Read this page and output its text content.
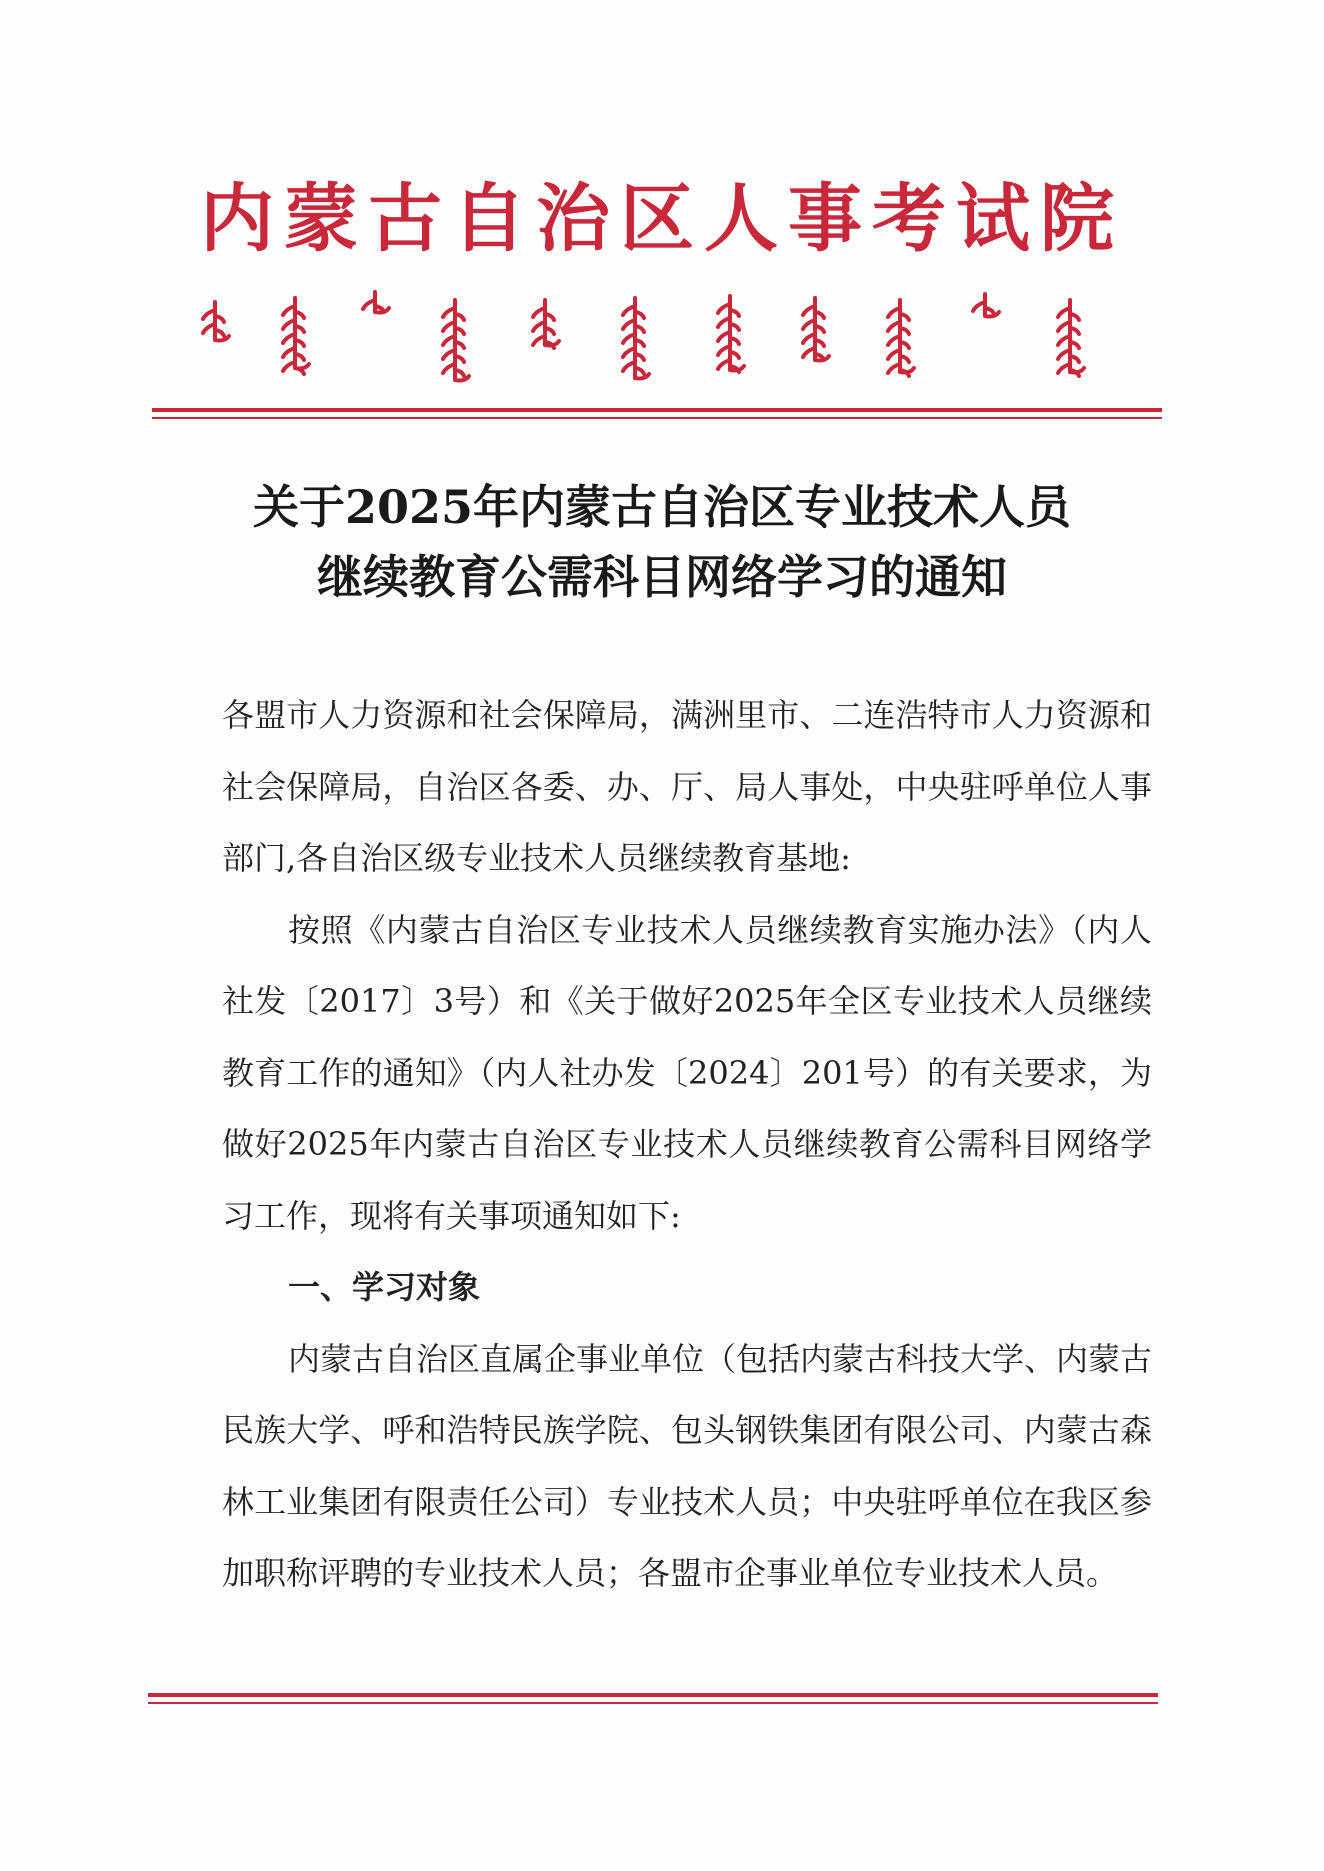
内蒙古自治区人事考试院
关于2025年内蒙古自治区专业技术人员
继续教育公需科目网络学习的通知

各盟市人力资源和社会保障局，满洲里市、二连浩特市人力资源和社会保障局，自治区各委、办、厅、局人事处，中央驻呼单位人事部门,各自治区级专业技术人员继续教育基地:

按照《内蒙古自治区专业技术人员继续教育实施办法》（内人社发〔2017〕3号）和《关于做好2025年全区专业技术人员继续教育工作的通知》（内人社办发〔2024〕201号）的有关要求，为做好2025年内蒙古自治区专业技术人员继续教育公需科目网络学习工作，现将有关事项通知如下:

一、学习对象

内蒙古自治区直属企事业单位（包括内蒙古科技大学、内蒙古民族大学、呼和浩特民族学院、包头钢铁集团有限公司、内蒙古森林工业集团有限责任公司）专业技术人员；中央驻呼单位在我区参加职称评聘的专业技术人员；各盟市企事业单位专业技术人员。
